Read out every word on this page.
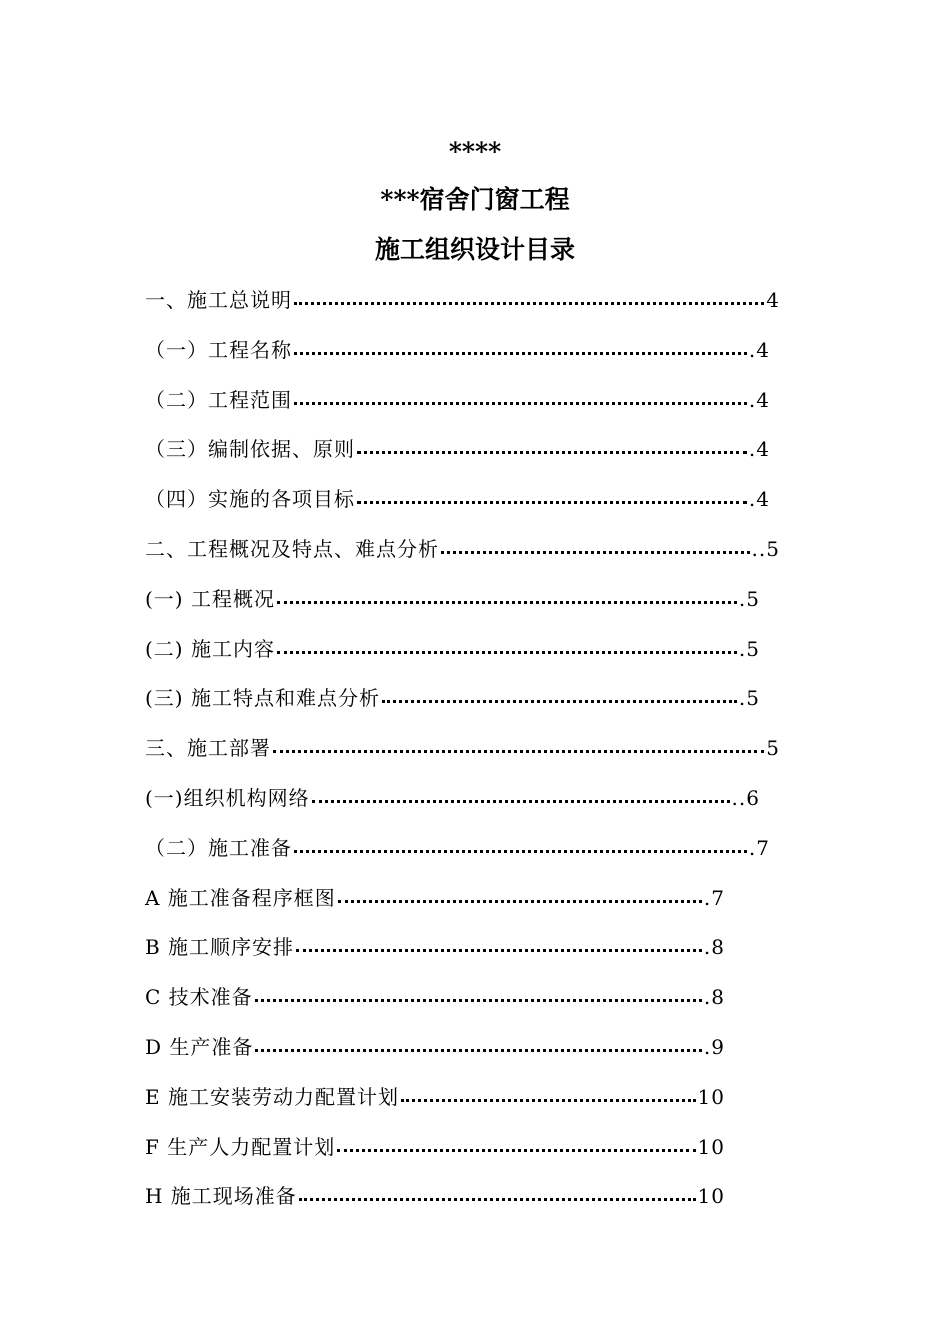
****
***宿舍门窗工程
施工组织设计目录
一、施工总说明	4
（一）工程名称	.4
（二）工程范围	.4
（三）编制依据、原则	.4
（四）实施的各项目标	.4
二、工程概况及特点、难点分析	..5
(一) 工程概况	.5
(二) 施工内容	.5
(三) 施工特点和难点分析	.5
三、施工部署	5
(一)组织机构网络	..6
（二）施工准备	.7
A 施工准备程序框图	.7
B 施工顺序安排	.8
C 技术准备	.8
D 生产准备	.9
E 施工安装劳动力配置计划	10
F 生产人力配置计划	10
H 施工现场准备	10
